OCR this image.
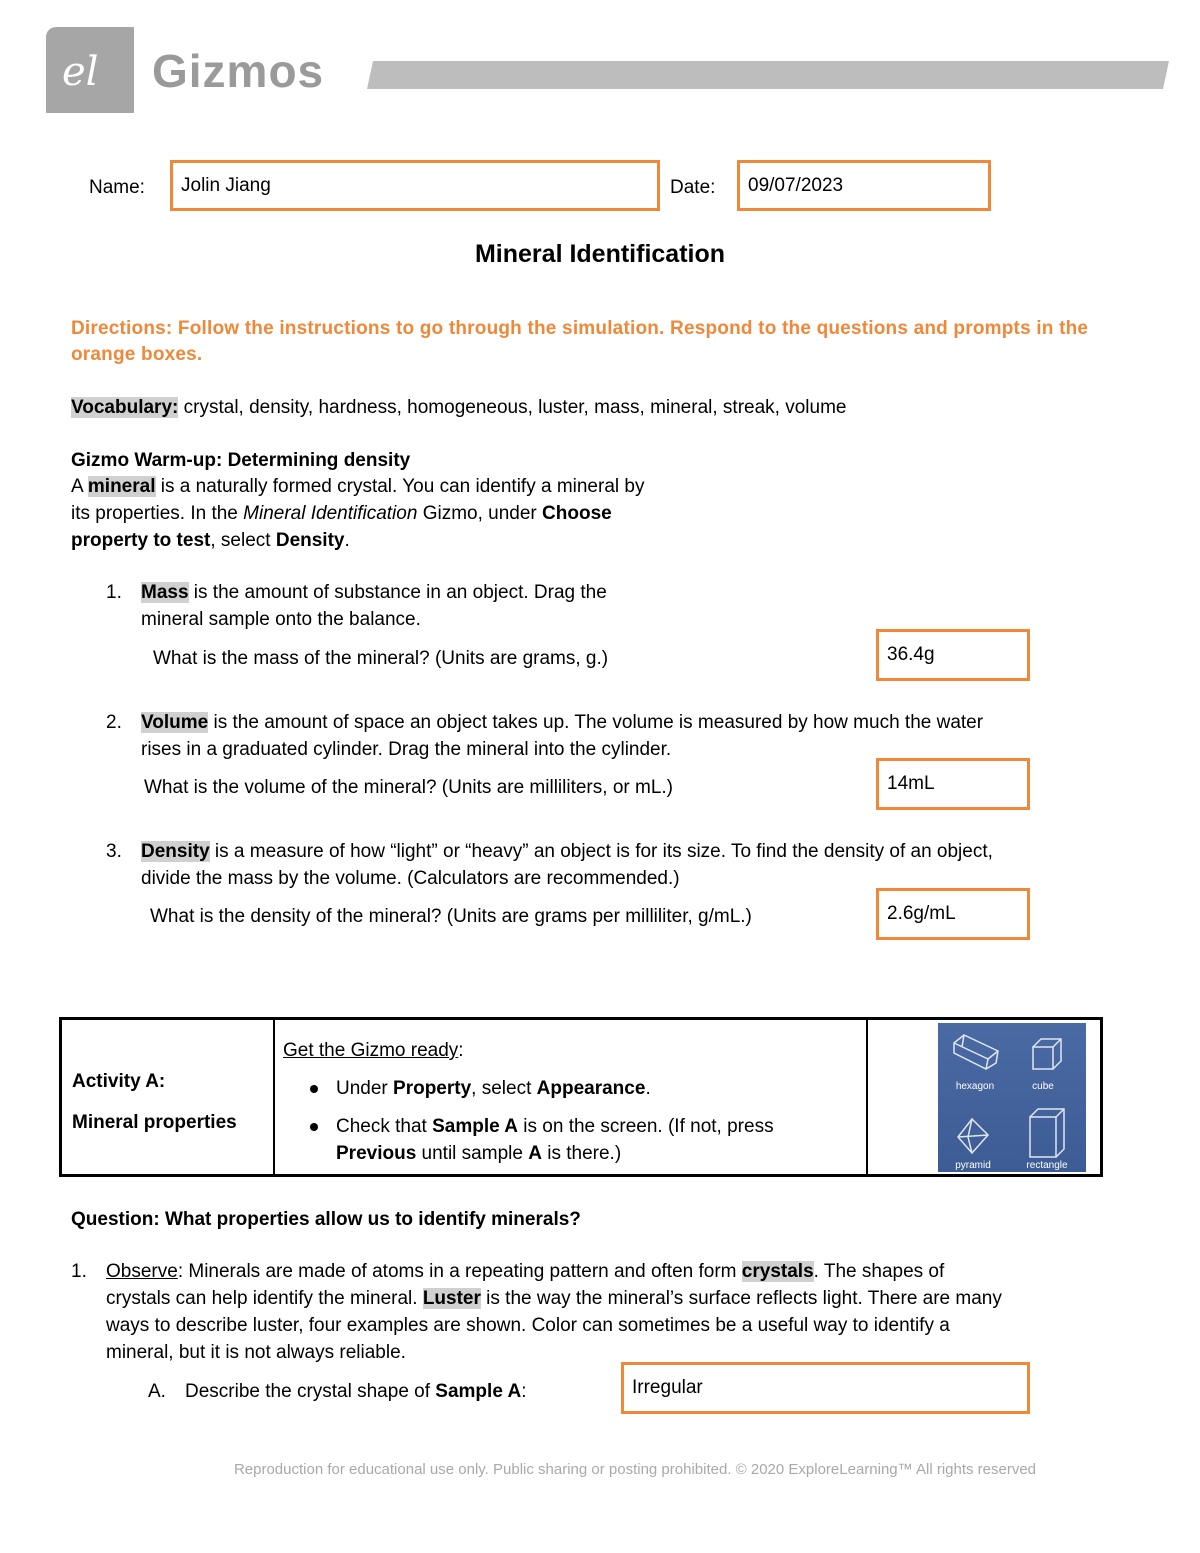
el Gizmos
Name:	Jolin Jiang	Date:	09/07/2023
Mineral Identification
Directions: Follow the instructions to go through the simulation. Respond to the questions and prompts in the orange boxes.
Vocabulary: crystal, density, hardness, homogeneous, luster, mass, mineral, streak, volume
Gizmo Warm-up: Determining density
A mineral is a naturally formed crystal. You can identify a mineral by
its properties. In the Mineral Identification Gizmo, under Choose
property to test, select Density.
1. Mass is the amount of substance in an object. Drag the
mineral sample onto the balance.
What is the mass of the mineral? (Units are grams, g.)	36.4g
2. Volume is the amount of space an object takes up. The volume is measured by how much the water
rises in a graduated cylinder. Drag the mineral into the cylinder.
What is the volume of the mineral? (Units are milliliters, or mL.)	14mL
3. Density is a measure of how “light” or “heavy” an object is for its size. To find the density of an object,
divide the mass by the volume. (Calculators are recommended.)
What is the density of the mineral? (Units are grams per milliliter, g/mL.)	2.6g/mL
Activity A:
Mineral properties
Get the Gizmo ready:
Under Property, select Appearance.
Check that Sample A is on the screen. (If not, press
Previous until sample A is there.)
hexagon	cube
pyramid	rectangle
Question: What properties allow us to identify minerals?
1. Observe: Minerals are made of atoms in a repeating pattern and often form crystals. The shapes of
crystals can help identify the mineral. Luster is the way the mineral’s surface reflects light. There are many
ways to describe luster, four examples are shown. Color can sometimes be a useful way to identify a
mineral, but it is not always reliable.
A. Describe the crystal shape of Sample A:	Irregular
Reproduction for educational use only. Public sharing or posting prohibited. © 2020 ExploreLearning™ All rights reserved
